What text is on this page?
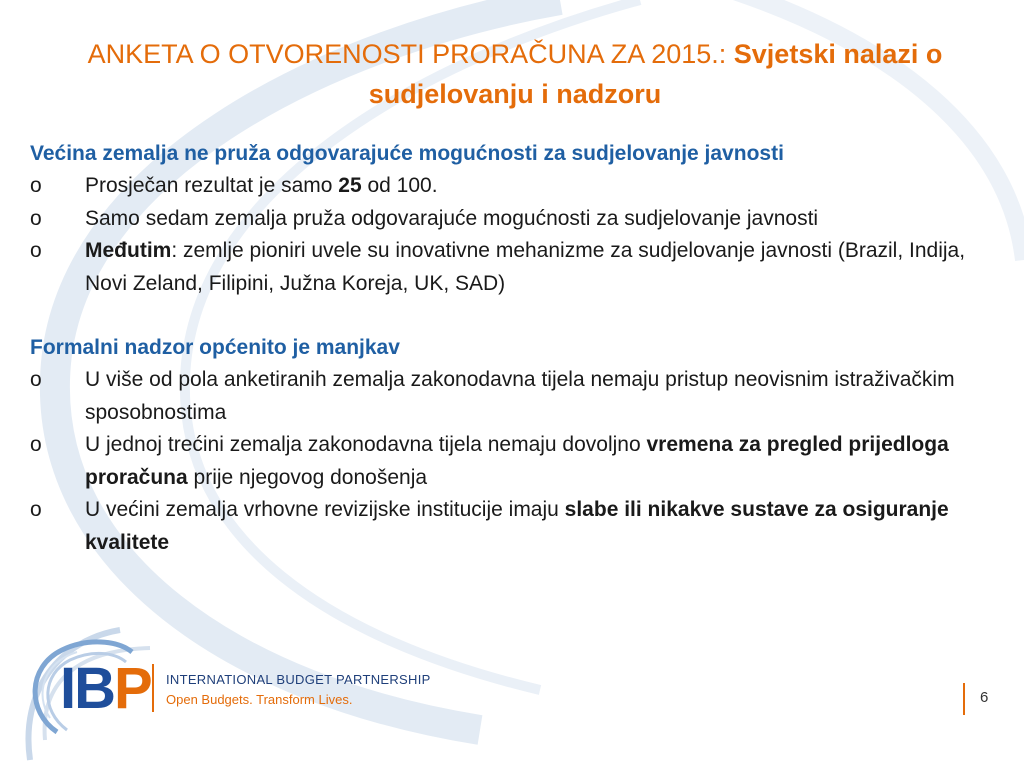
ANKETA O OTVORENOSTI PRORAČUNA ZA 2015.: Svjetski nalazi o sudjelovanju i nadzoru
Većina zemalja ne pruža odgovarajuće mogućnosti za sudjelovanje javnosti
o	Prosječan rezultat je samo 25 od 100.
o	Samo sedam zemalja pruža odgovarajuće mogućnosti za sudjelovanje javnosti
o	Međutim: zemlje pioniri uvele su inovativne mehanizme za sudjelovanje javnosti (Brazil, Indija, Novi Zeland, Filipini, Južna Koreja, UK, SAD)
Formalni nadzor općenito je manjkav
o	U više od pola anketiranih zemalja zakonodavna tijela nemaju pristup neovisnim istraživačkim sposobnostima
o	U jednoj trećini zemalja zakonodavna tijela nemaju dovoljno vremena za pregled prijedloga proračuna prije njegovog donošenja
o	U većini zemalja vrhovne revizijske institucije imaju slabe ili nikakve sustave za osiguranje kvalitete
IBP INTERNATIONAL BUDGET PARTNERSHIP
Open Budgets. Transform Lives.	6
